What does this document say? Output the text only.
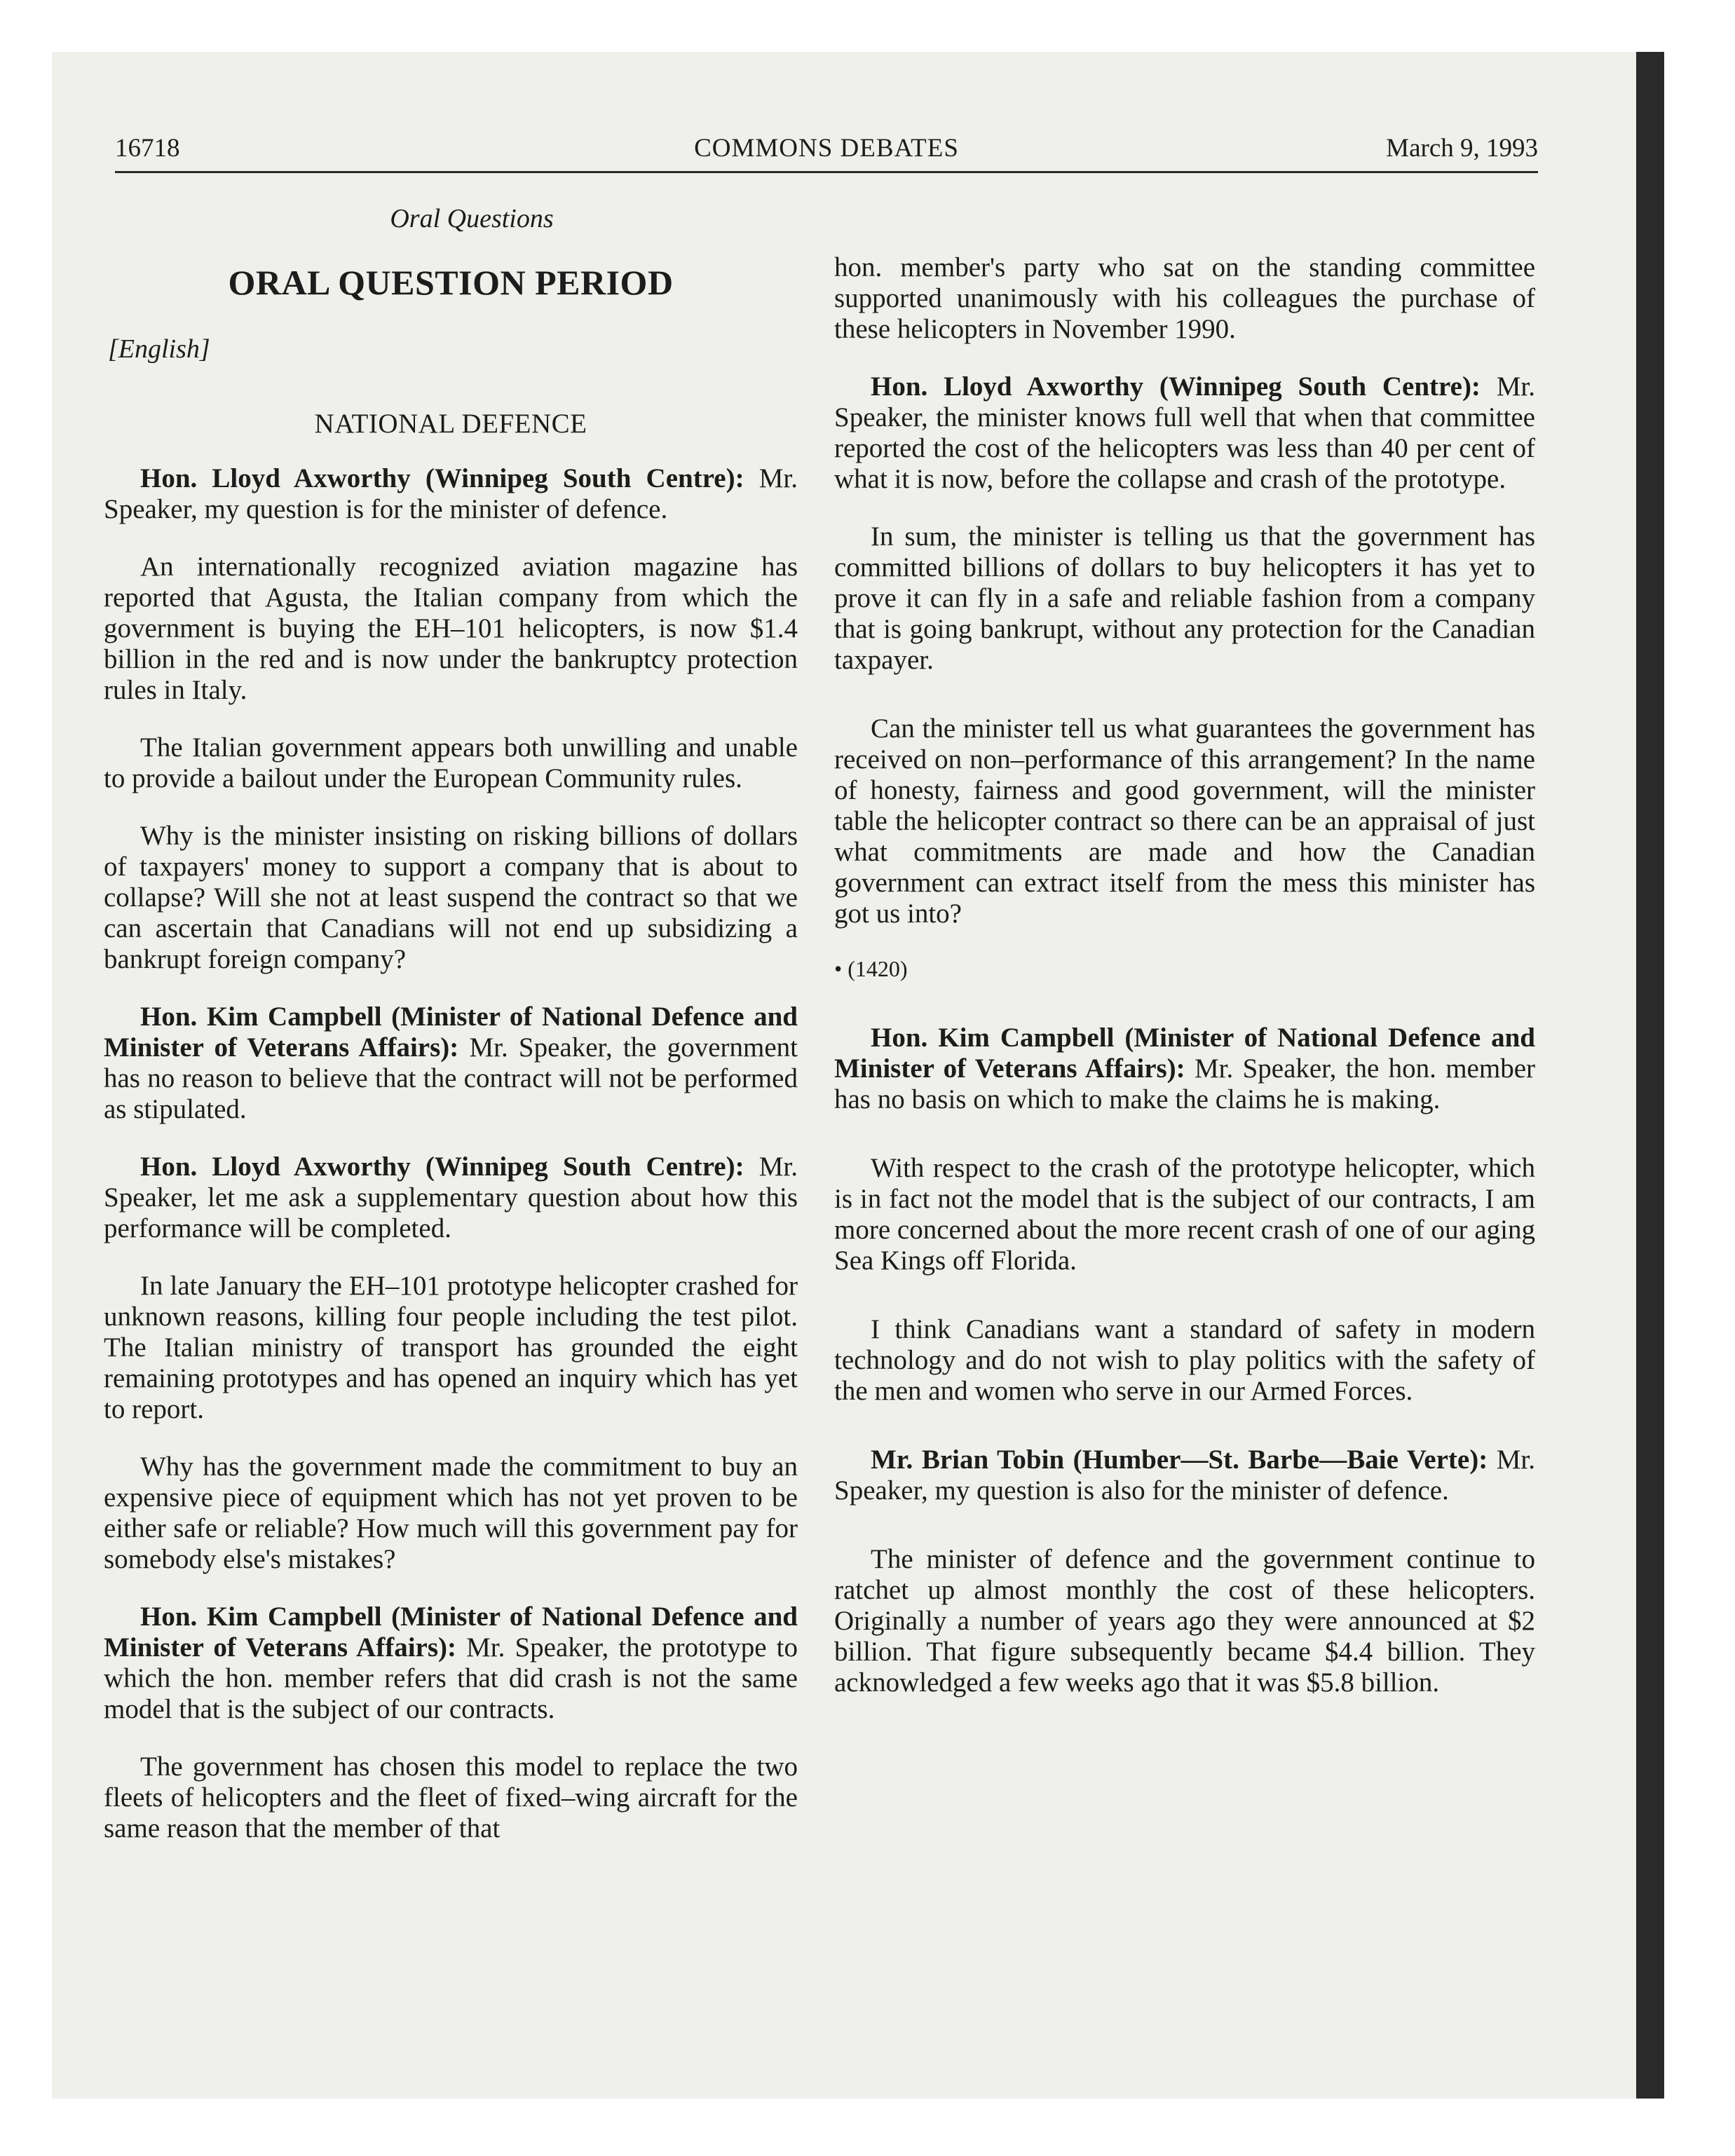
16718	COMMONS DEBATES	March 9, 1993
Oral Questions
ORAL QUESTION PERIOD
[English]
NATIONAL DEFENCE

Hon. Lloyd Axworthy (Winnipeg South Centre): Mr. Speaker, my question is for the minister of defence.

An internationally recognized aviation magazine has reported that Agusta, the Italian company from which the government is buying the EH–101 helicopters, is now $1.4 billion in the red and is now under the bankruptcy protection rules in Italy.

The Italian government appears both unwilling and unable to provide a bailout under the European Community rules.

Why is the minister insisting on risking billions of dollars of taxpayers' money to support a company that is about to collapse? Will she not at least suspend the contract so that we can ascertain that Canadians will not end up subsidizing a bankrupt foreign company?

Hon. Kim Campbell (Minister of National Defence and Minister of Veterans Affairs): Mr. Speaker, the government has no reason to believe that the contract will not be performed as stipulated.

Hon. Lloyd Axworthy (Winnipeg South Centre): Mr. Speaker, let me ask a supplementary question about how this performance will be completed.

In late January the EH–101 prototype helicopter crashed for unknown reasons, killing four people including the test pilot. The Italian ministry of transport has grounded the eight remaining prototypes and has opened an inquiry which has yet to report.

Why has the government made the commitment to buy an expensive piece of equipment which has not yet proven to be either safe or reliable? How much will this government pay for somebody else's mistakes?

Hon. Kim Campbell (Minister of National Defence and Minister of Veterans Affairs): Mr. Speaker, the prototype to which the hon. member refers that did crash is not the same model that is the subject of our contracts.

The government has chosen this model to replace the two fleets of helicopters and the fleet of fixed–wing aircraft for the same reason that the member of that

hon. member's party who sat on the standing committee supported unanimously with his colleagues the purchase of these helicopters in November 1990.

Hon. Lloyd Axworthy (Winnipeg South Centre): Mr. Speaker, the minister knows full well that when that committee reported the cost of the helicopters was less than 40 per cent of what it is now, before the collapse and crash of the prototype.

In sum, the minister is telling us that the government has committed billions of dollars to buy helicopters it has yet to prove it can fly in a safe and reliable fashion from a company that is going bankrupt, without any protection for the Canadian taxpayer.

Can the minister tell us what guarantees the government has received on non–performance of this arrangement? In the name of honesty, fairness and good government, will the minister table the helicopter contract so there can be an appraisal of just what commitments are made and how the Canadian government can extract itself from the mess this minister has got us into?

• (1420)

Hon. Kim Campbell (Minister of National Defence and Minister of Veterans Affairs): Mr. Speaker, the hon. member has no basis on which to make the claims he is making.

With respect to the crash of the prototype helicopter, which is in fact not the model that is the subject of our contracts, I am more concerned about the more recent crash of one of our aging Sea Kings off Florida.

I think Canadians want a standard of safety in modern technology and do not wish to play politics with the safety of the men and women who serve in our Armed Forces.

Mr. Brian Tobin (Humber—St. Barbe—Baie Verte): Mr. Speaker, my question is also for the minister of defence.

The minister of defence and the government continue to ratchet up almost monthly the cost of these helicopters. Originally a number of years ago they were announced at $2 billion. That figure subsequently became $4.4 billion. They acknowledged a few weeks ago that it was $5.8 billion.
